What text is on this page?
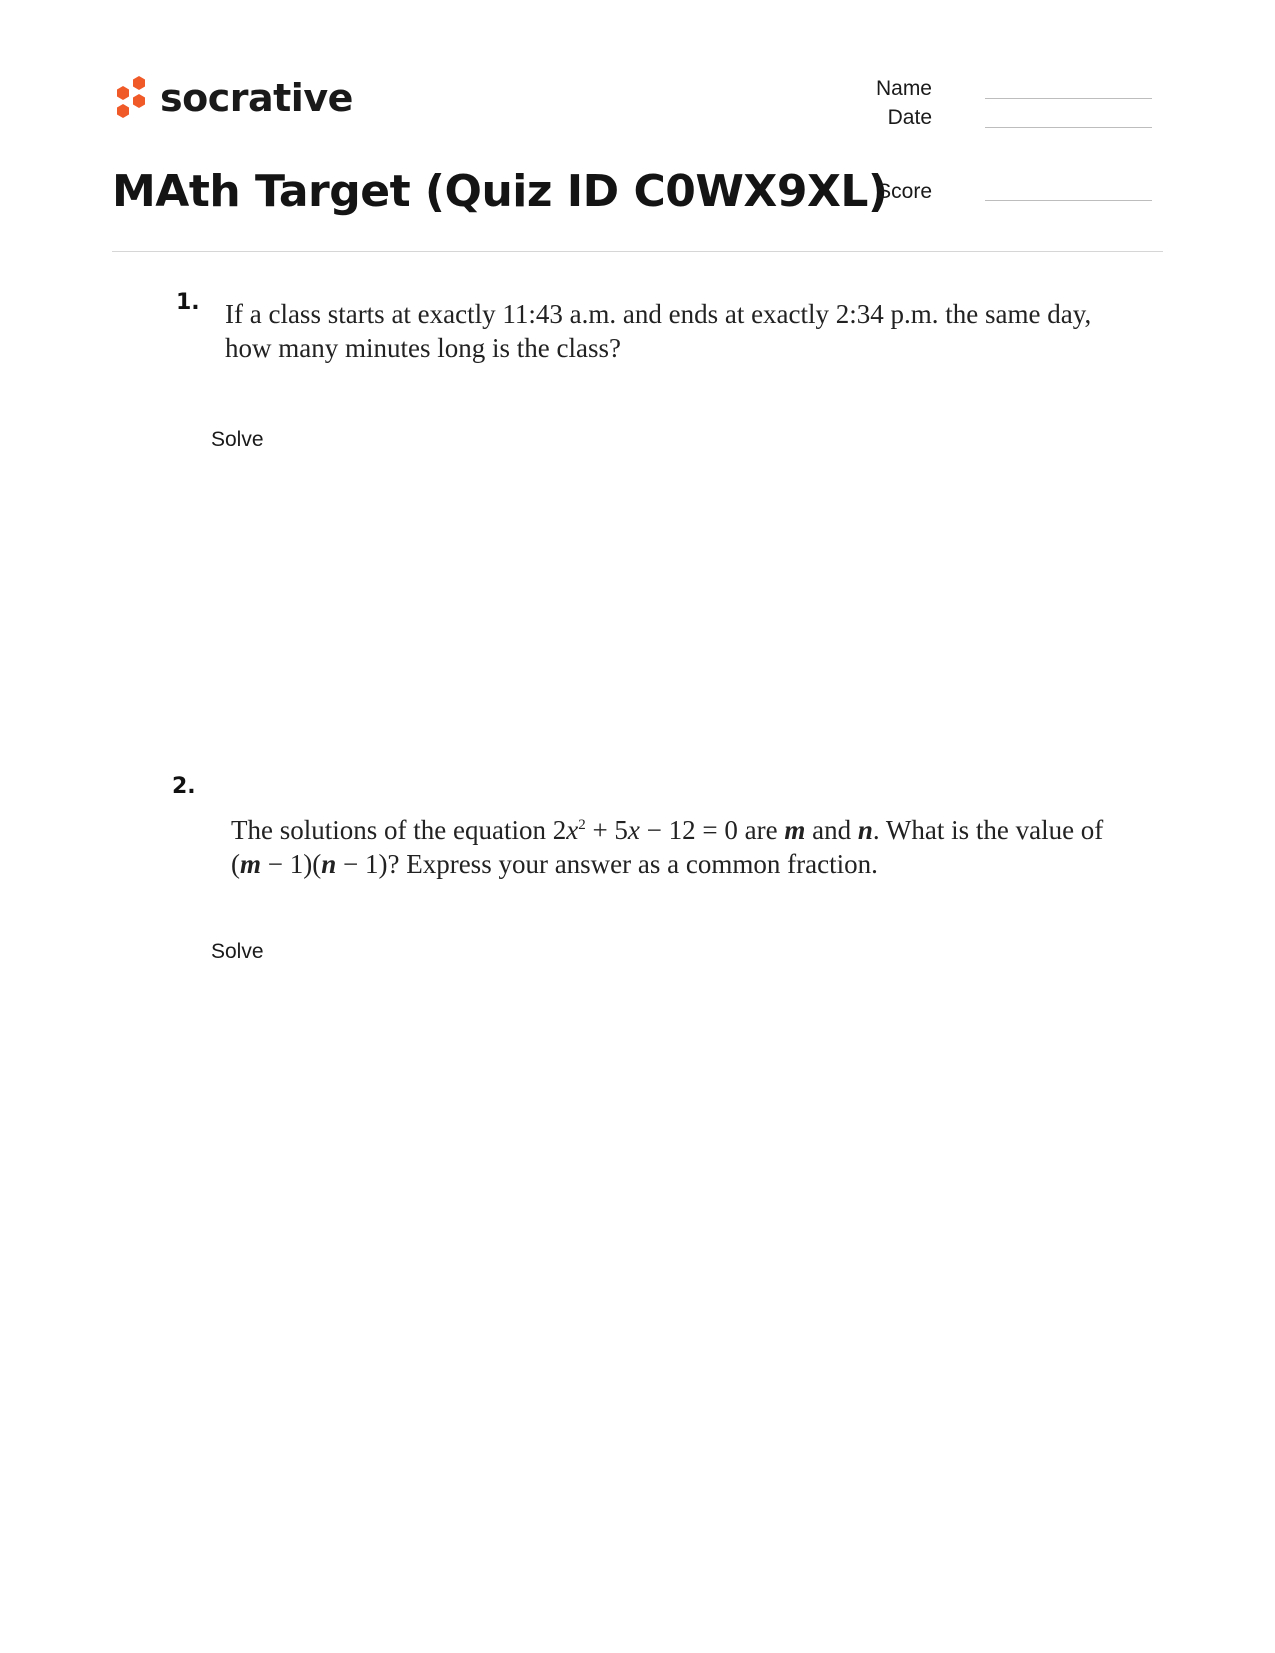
socrative
MAth Target (Quiz ID C0WX9XL)
Name
Date
Score
1. If a class starts at exactly 11:43 a.m. and ends at exactly 2:34 p.m. the same day,
how many minutes long is the class?

Solve
2.

The solutions of the equation $2x^2 + 5x - 12 = 0$ are m and n. What is the value of
(m − 1)(n − 1)? Express your answer as a common fraction.

Solve
